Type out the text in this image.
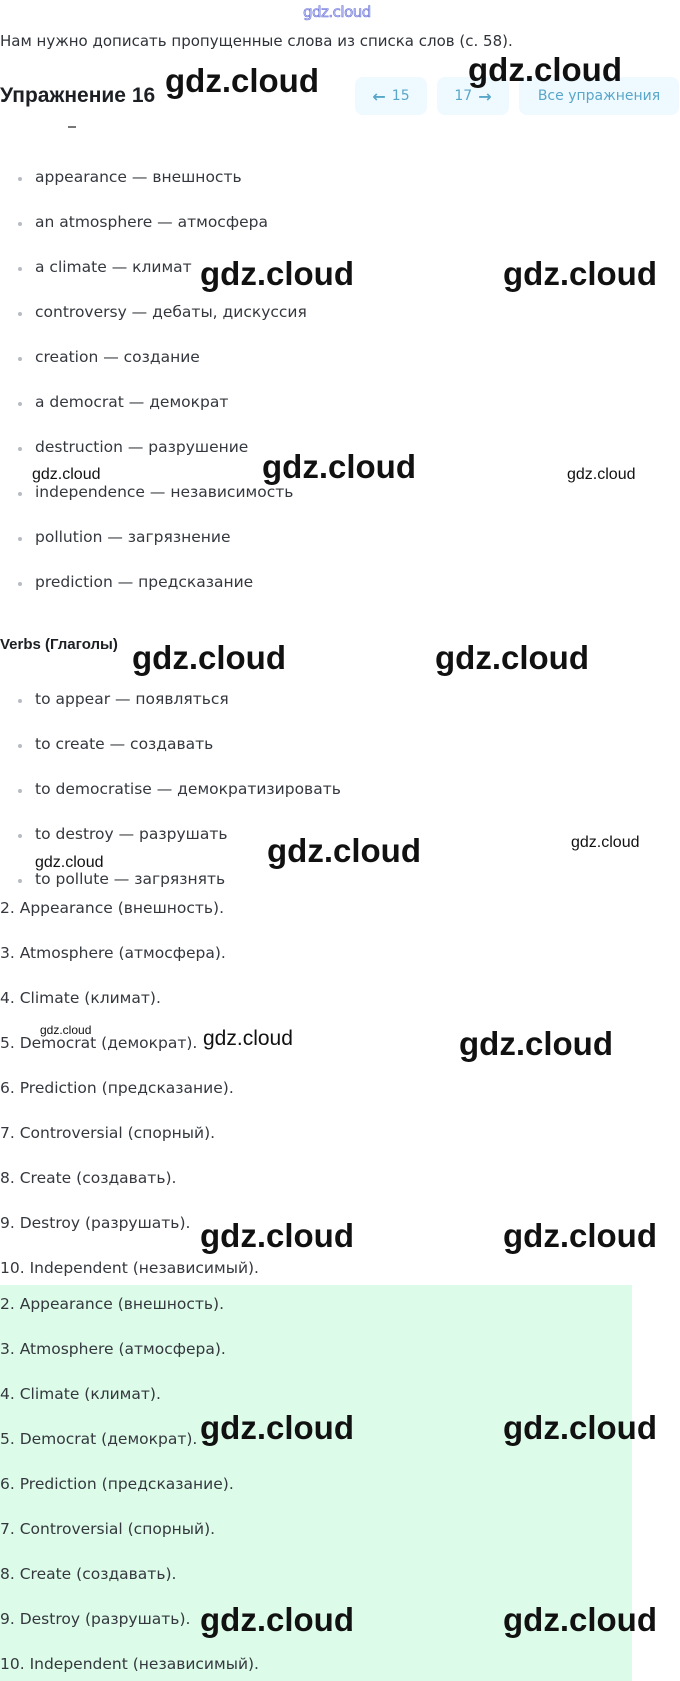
gdz.cloud
Нам нужно дописать пропущенные слова из списка слов (с. 58).
Упражнение 16	← 15	17 →	Все упражнения
appearance — внешность
an atmosphere — атмосфера
a climate — климат
controversy — дебаты, дискуссия
creation — создание
a democrat — демократ
destruction — разрушение
independence — независимость
pollution — загрязнение
prediction — предсказание
Verbs (Глаголы)
to appear — появляться
to create — создавать
to democratise — демократизировать
to destroy — разрушать
to pollute — загрязнять
2. Appearance (внешность).
3. Atmosphere (атмосфера).
4. Climate (климат).
5. Democrat (демократ).
6. Prediction (предсказание).
7. Controversial (спорный).
8. Create (создавать).
9. Destroy (разрушать).
10. Independent (независимый).
2. Appearance (внешность).
3. Atmosphere (атмосфера).
4. Climate (климат).
5. Democrat (демократ).
6. Prediction (предсказание).
7. Controversial (спорный).
8. Create (создавать).
9. Destroy (разрушать).
10. Independent (независимый).
gdz.cloud	gdz.cloud
gdz.cloud	gdz.cloud
gdz.cloud
gdz.cloud	gdz.cloud
gdz.cloud	gdz.cloud
gdz.cloud
gdz.cloud
gdz.cloud
gdz.cloud	gdz.cloud	gdz.cloud
gdz.cloud	gdz.cloud
gdz.cloud	gdz.cloud
gdz.cloud	gdz.cloud
